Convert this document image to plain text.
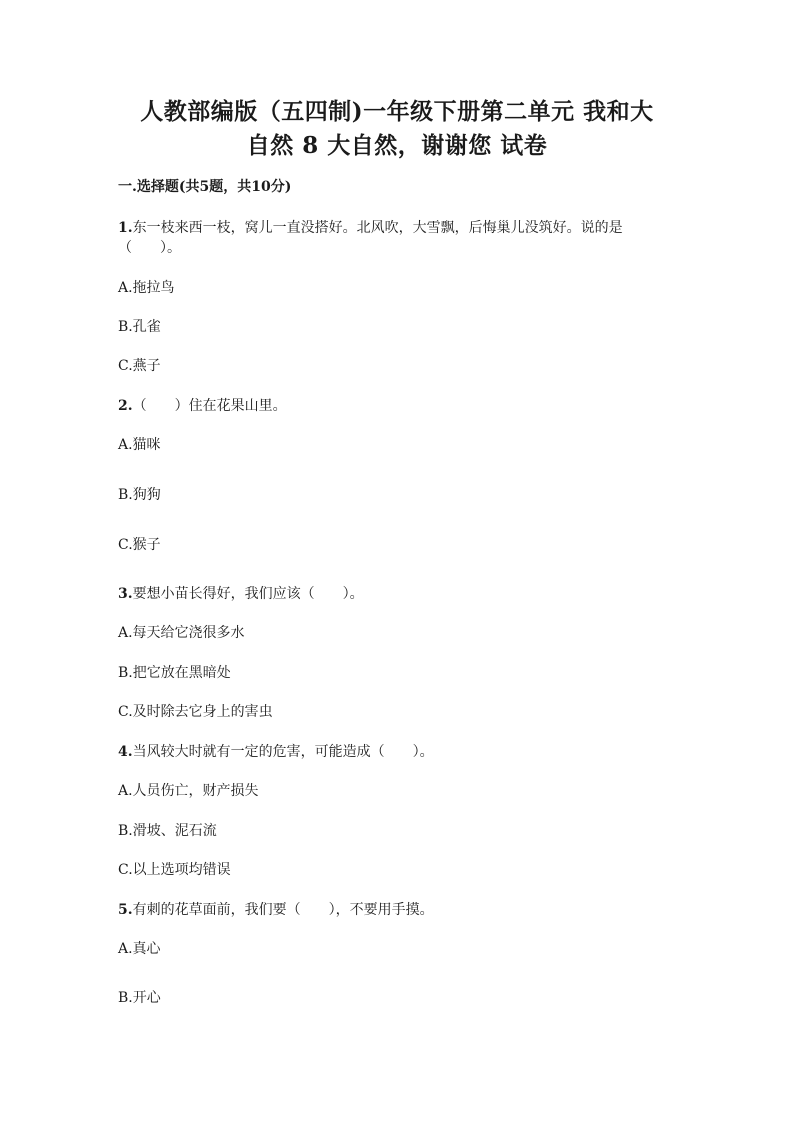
人教部编版（五四制)一年级下册第二单元 我和大
自然 8 大自然，谢谢您 试卷
一.选择题(共5题，共10分)
1.东一枝来西一枝，窝儿一直没搭好。北风吹，大雪飘，后悔巢儿没筑好。说的是（　　）。
A.拖拉鸟
B.孔雀
C.燕子
2.（　　）住在花果山里。
A.猫咪
B.狗狗
C.猴子
3.要想小苗长得好，我们应该（　　）。
A.每天给它浇很多水
B.把它放在黑暗处
C.及时除去它身上的害虫
4.当风较大时就有一定的危害，可能造成（　　）。
A.人员伤亡，财产损失
B.滑坡、泥石流
C.以上选项均错误
5.有刺的花草面前，我们要（　　），不要用手摸。
A.真心
B.开心
